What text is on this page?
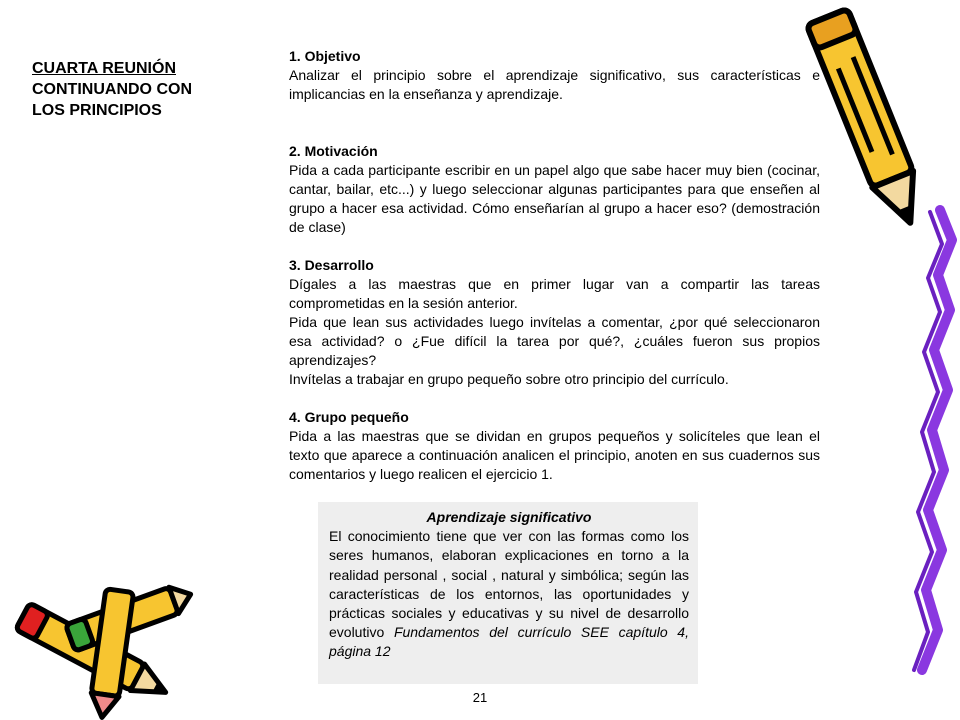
CUARTA REUNIÓN
CONTINUANDO CON
LOS PRINCIPIOS
1. Objetivo
Analizar el principio sobre el aprendizaje significativo, sus características e implicancias en la enseñanza y aprendizaje.
2. Motivación
Pida a cada participante escribir en un papel algo que sabe hacer muy bien (cocinar, cantar, bailar, etc...) y luego seleccionar algunas participantes para que enseñen al grupo a hacer esa actividad. Cómo enseñarían al grupo a hacer eso? (demostración de clase)
3. Desarrollo
Dígales a las maestras que en primer lugar van a compartir las tareas comprometidas en la sesión anterior.
Pida que lean sus actividades luego invítelas a comentar, ¿por qué seleccionaron esa actividad? o ¿Fue difícil la tarea por qué?, ¿cuáles fueron sus propios aprendizajes?
Invítelas a trabajar en grupo pequeño sobre otro principio del currículo.
4. Grupo pequeño
Pida a las maestras que se dividan en grupos pequeños y solicíteles que lean el texto que aparece a continuación analicen el principio, anoten en sus cuadernos sus comentarios y luego realicen el ejercicio 1.
Aprendizaje significativo
El conocimiento tiene que ver con las formas como los seres humanos, elaboran explicaciones en torno a la realidad personal , social , natural y simbólica; según las características de los entornos, las oportunidades y prácticas sociales y educativas y su nivel de desarrollo evolutivo Fundamentos del currículo SEE capítulo 4, página 12
21
